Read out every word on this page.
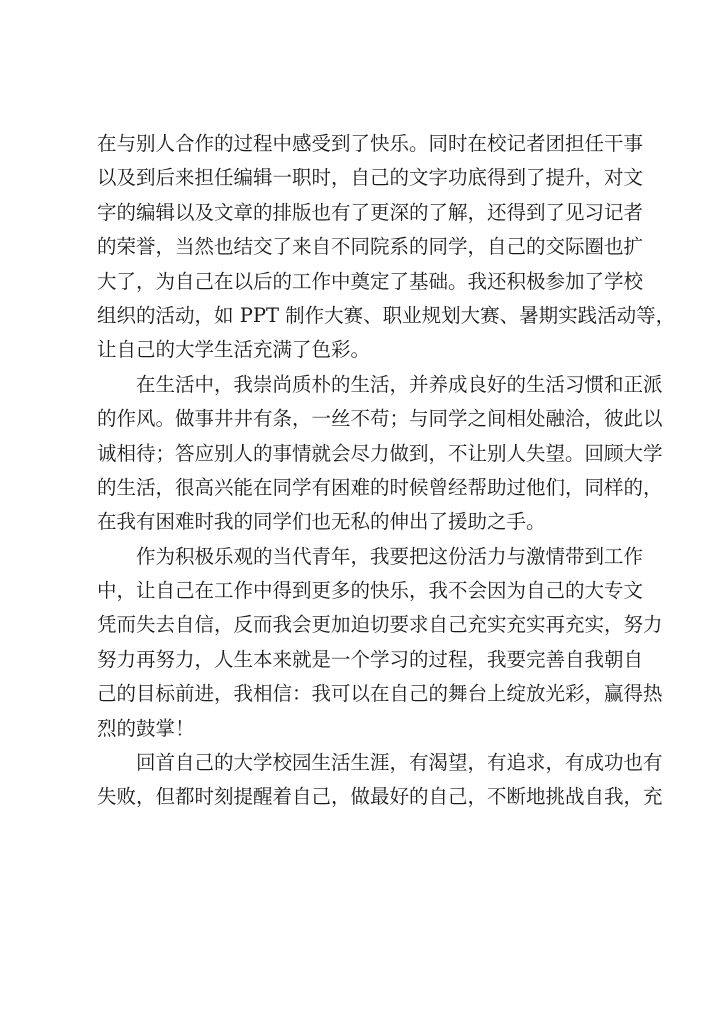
在与别人合作的过程中感受到了快乐。同时在校记者团担任干事
以及到后来担任编辑一职时，自己的文字功底得到了提升，对文
字的编辑以及文章的排版也有了更深的了解，还得到了见习记者
的荣誉，当然也结交了来自不同院系的同学，自己的交际圈也扩
大了，为自己在以后的工作中奠定了基础。我还积极参加了学校
组织的活动，如 PPT 制作大赛、职业规划大赛、暑期实践活动等，
让自己的大学生活充满了色彩。

在生活中，我崇尚质朴的生活，并养成良好的生活习惯和正派
的作风。做事井井有条，一丝不苟；与同学之间相处融洽，彼此以
诚相待；答应别人的事情就会尽力做到，不让别人失望。回顾大学
的生活，很高兴能在同学有困难的时候曾经帮助过他们，同样的，
在我有困难时我的同学们也无私的伸出了援助之手。

作为积极乐观的当代青年，我要把这份活力与激情带到工作
中，让自己在工作中得到更多的快乐，我不会因为自己的大专文
凭而失去自信，反而我会更加迫切要求自己充实充实再充实，努力
努力再努力，人生本来就是一个学习的过程，我要完善自我朝自
己的目标前进，我相信：我可以在自己的舞台上绽放光彩，赢得热
烈的鼓掌！

回首自己的大学校园生活生涯，有渴望，有追求，有成功也有
失败，但都时刻提醒着自己，做最好的自己，不断地挑战自我，充
